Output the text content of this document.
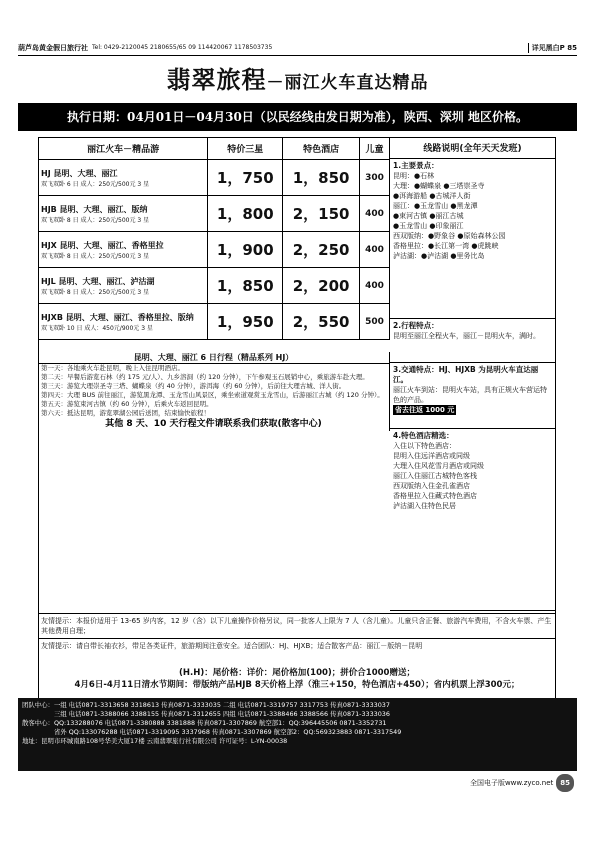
葫芦岛黄金假日旅行社 Tel: 0429-2120045 2180655/65 09 114420067 1178503735	详见黑白P 85
翡翠旅程－丽江火车直达精品
执行日期：04月01日－04月30日（以民经线由发日期为准），陕西、深圳 地区价格。
丽江火车－精品游	特价三星	特色酒店	儿童

HJ 昆明、大理、丽江
双飞双卧 6 日 成人：250元/500元 3 星	1，750	1，850	300

HJB 昆明、大理、丽江、版纳
双飞双卧 8 日 成人：250元/500元 3 星	1，800	2，150	400

HJX 昆明、大理、丽江、香格里拉
双飞双卧 8 日 成人：250元/500元 3 星	1，900	2，250	400

HJL 昆明、大理、丽江、泸沽湖
双飞双卧 8 日 成人：250元/500元 3 星	1，850	2，200	400

HJXB 昆明、大理、丽江、香格里拉、版纳
双飞双卧 10 日 成人：450元/900元 3 星	1，950	2，550	500
线路说明(全年天天发班)
1.主要景点：
昆明：●石林
大理：●蝴蝶泉 ●三塔崇圣寺
●洱海游船 ●古城洋人街
丽江：●玉龙雪山 ●黑龙潭
●束河古镇 ●丽江古城
●玉龙雪山 ●印象丽江
西双版纳：●野象谷 ●原始森林公园
香格里拉：●长江第一湾 ●虎跳峡
泸沽湖：●泸沽湖 ●里务比岛
2.行程特点：
昆明至丽江全程火车，丽江－昆明火车，满时。
3.交通特点：HJ、HJXB 为昆明火车直达丽江。
丽江火车到站：昆明火车站，具有正规火车营运特色的产品。
省去往返 1000 元
4.特色酒店精选：
入住以下特色酒店：
昆明入住远洋酒店或同级
大理入住风花雪月酒店或同级
丽江入住丽江古城特色客栈
西双版纳入住金孔雀酒店
香格里拉入住藏式特色酒店
泸沽湖入住特色民居
昆明、大理、丽江 6 日行程（精品系列 HJ）
第一天：各地乘火车赴昆明，晚上入住昆明酒店。
第二天：早餐后游览石林（约 175 元/人）、九乡溶洞（约 120 分钟），下午参观玉石展销中心，乘旅游车赴大理。
第三天：游览大理崇圣寺三塔、蝴蝶泉（约 40 分钟），游洱海（约 60 分钟），后前往大理古城、洋人街。
第四天：大理 BUS 前往丽江，游览黑龙潭、玉龙雪山风景区，乘坐索道观赏玉龙雪山，后游丽江古城（约 120 分钟）。
第五天：游览束河古镇（约 60 分钟），后乘火车返回昆明。
第六天：抵达昆明，游览翠湖公园后送团，结束愉快旅程！
其他 8 天、10 天行程文件请联系我们获取(散客中心)
友情提示：本报价适用于 13-65 岁内客，12 岁（含）以下儿童操作价格另议，同一批客人上限为 7 人（含儿童）。儿童只含正餐、旅游汽车费用，不含火车票、产生其他费用自理；
友情提示：请自带长袖衣衫，带足各类证件，旅游期间注意安全。适合团队：HJ、HJXB；适合散客产品：丽江－版纳－昆明
(H.H)：尾价格：详价：尾价格加(100)；拼价合1000赠送；
4月6日-4月11日清水节期间：带版纳产品HJB 8天价格上浮（淮三+150，特色酒店+450）；省内机票上浮300元；
团队中心：一组 电话0871-3313658 3318613 传真0871-3333035 二组 电话0871-3319757 3317753 传真0871-3333037
　　　　　三组 电话0871-3388066 3388155 传真0871-3312655 四组 电话0871-3388466 3388566 传真0871-3333036
散客中心：QQ:133288076 电话0871-3380888 3381888 传真0871-3307869 航空部1：QQ:396445506 0871-3352731
　　　　　省外 QQ:133076288 电话0871-3319095 3337968 传真0871-3307869 航空部2：QQ:569323883 0871-3317549
地址：昆明市环城南路108号华美大厦17楼 云南翡翠旅行社有限公司 许可证号：L-YN-00038
全国电子版www.zyco.net 85
